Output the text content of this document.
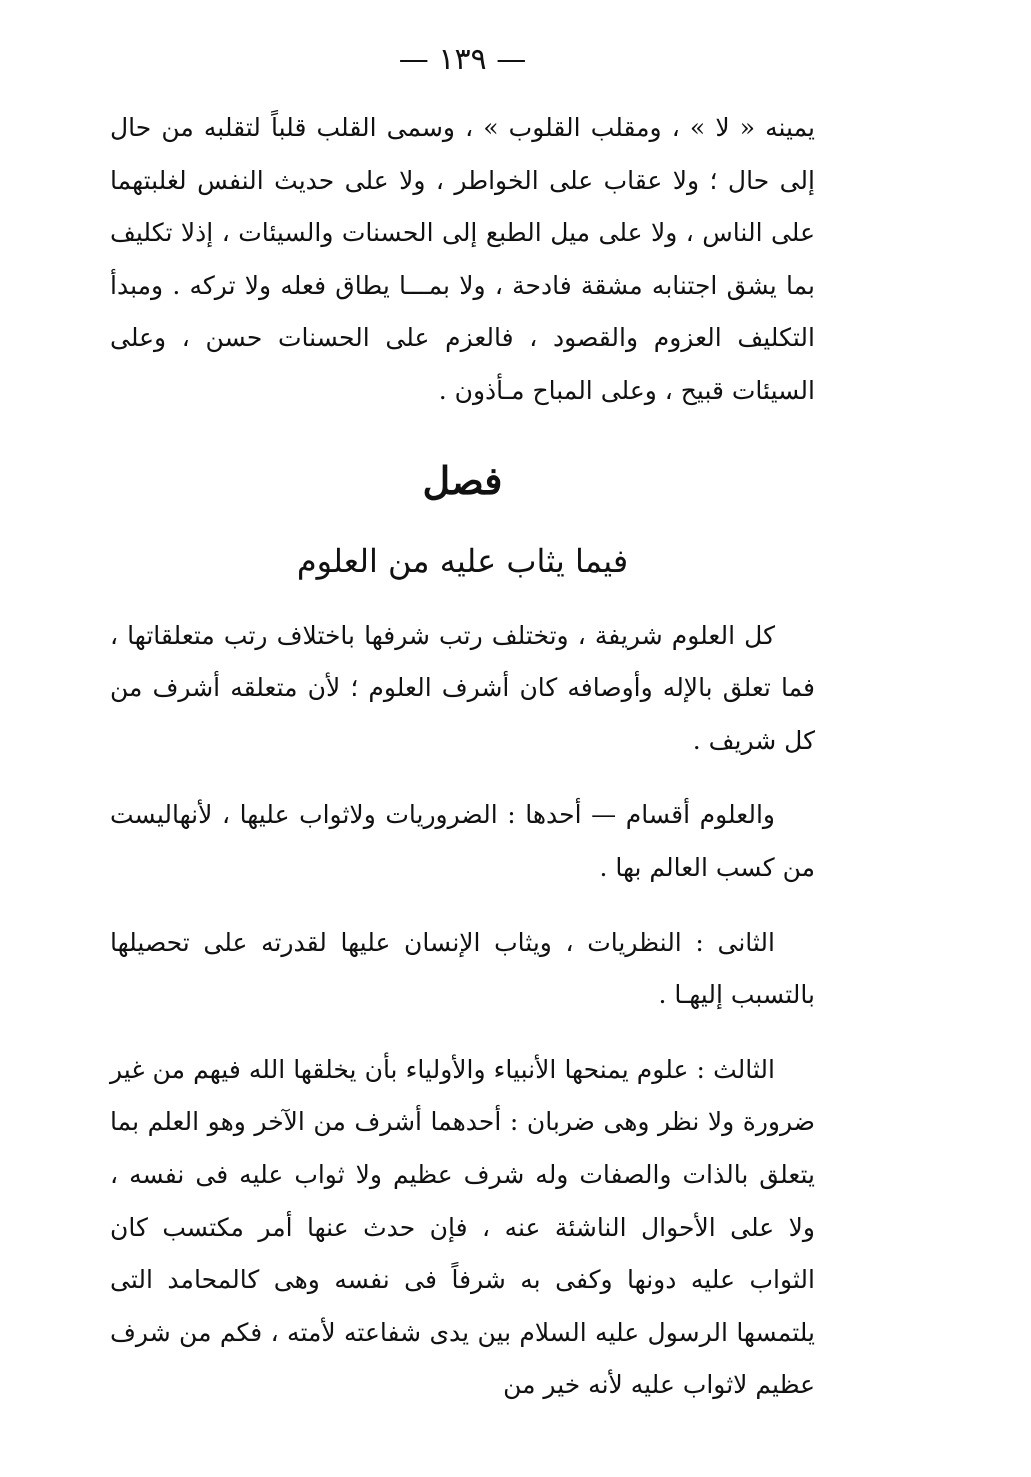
— ١٣٩ —

يمينه « لا » ، ومقلب القلوب » ، وسمى القلب قلباً لتقلبه من حال إلى حال ؛ ولا عقاب على الخواطر ، ولا على حديث النفس لغلبتهما على الناس ، ولا على ميل الطبع إلى الحسنات والسيئات ، إذلا تكليف بما يشق اجتنابه مشقة فادحة ، ولا بمـــا يطاق فعله ولا تركه . ومبدأ التكليف العزوم والقصود ، فالعزم على الحسنات حسن ، وعلى السيئات قبيح ، وعلى المباح مـأذون .

فصل
فيما يثاب عليه من العلوم

كل العلوم شريفة ، وتختلف رتب شرفها باختلاف رتب متعلقاتها ، فما تعلق بالإله وأوصافه كان أشرف العلوم ؛ لأن متعلقه أشرف من كل شريف .

والعلوم أقسام — أحدها : الضروريات ولاثواب عليها ، لأنهاليست من كسب العالم بها .

الثانى : النظريات ، ويثاب الإنسان عليها لقدرته على تحصيلها بالتسبب إليهـا .

الثالث : علوم يمنحها الأنبياء والأولياء بأن يخلقها الله فيهم من غير ضرورة ولا نظر وهى ضربان : أحدهما أشرف من الآخر وهو العلم بما يتعلق بالذات والصفات وله شرف عظيم ولا ثواب عليه فى نفسه ، ولا على الأحوال الناشئة عنه ، فإن حدث عنها أمر مكتسب كان الثواب عليه دونها وكفى به شرفاً فى نفسه وهى كالمحامد التى يلتمسها الرسول عليه السلام بين يدى شفاعته لأمته ، فكم من شرف عظيم لاثواب عليه لأنه خير من
